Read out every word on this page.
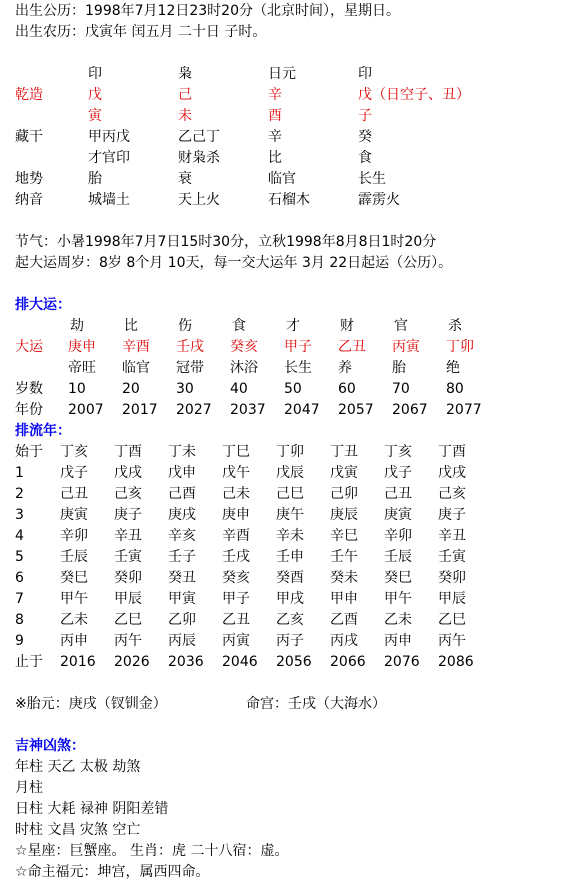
出生公历：1998年7月12日23时20分（北京时间），星期日。
出生农历：戊寅年 闰五月 二十日 子时。
印	枭	日元	印
乾造	戊	己	辛	戊（日空子、丑）
寅	未	酉	子
藏干	甲丙戊	乙己丁	辛	癸
才官印	财枭杀	比	食
地势	胎	衰	临官	长生
纳音	城墙土	天上火	石榴木	霹雳火
节气：小暑1998年7月7日15时30分，立秋1998年8月8日1时20分
起大运周岁：8岁 8个月 10天，每一交大运年 3月 22日起运（公历）。
排大运：
劫	比	伤	食	才	财	官	杀
大运 庚申 辛酉 壬戌 癸亥 甲子 乙丑 丙寅 丁卯
帝旺 临官 冠带 沐浴 长生 养	胎	绝
岁数 10	20	30	40	50	60	70	80
年份 2007 2017 2027 2037 2047 2057 2067 2077
排流年：
始于 丁亥 丁酉 丁未 丁巳 丁卯 丁丑 丁亥 丁酉
1	戊子 戊戌 戊申 戊午 戊辰 戊寅 戊子 戊戌
2	己丑 己亥 己酉 己未 己巳 己卯 己丑 己亥
3	庚寅 庚子 庚戌 庚申 庚午 庚辰 庚寅 庚子
4	辛卯 辛丑 辛亥 辛酉 辛未 辛巳 辛卯 辛丑
5	壬辰 壬寅 壬子 壬戌 壬申 壬午 壬辰 壬寅
6	癸巳 癸卯 癸丑 癸亥 癸酉 癸未 癸巳 癸卯
7	甲午 甲辰 甲寅 甲子 甲戌 甲申 甲午 甲辰
8	乙未 乙巳 乙卯 乙丑 乙亥 乙酉 乙未 乙巳
9	丙申 丙午 丙辰 丙寅 丙子 丙戌 丙申 丙午
止于 2016 2026 2036 2046 2056 2066 2076 2086
※胎元：庚戌（钗钏金）	命宫：壬戌（大海水）
吉神凶煞：
年柱 天乙 太极 劫煞
月柱
日柱 大耗 禄神 阴阳差错
时柱 文昌 灾煞 空亡
☆星座：巨蟹座。 生肖：虎 二十八宿：虚。
☆命主福元：坤宫，属西四命。
